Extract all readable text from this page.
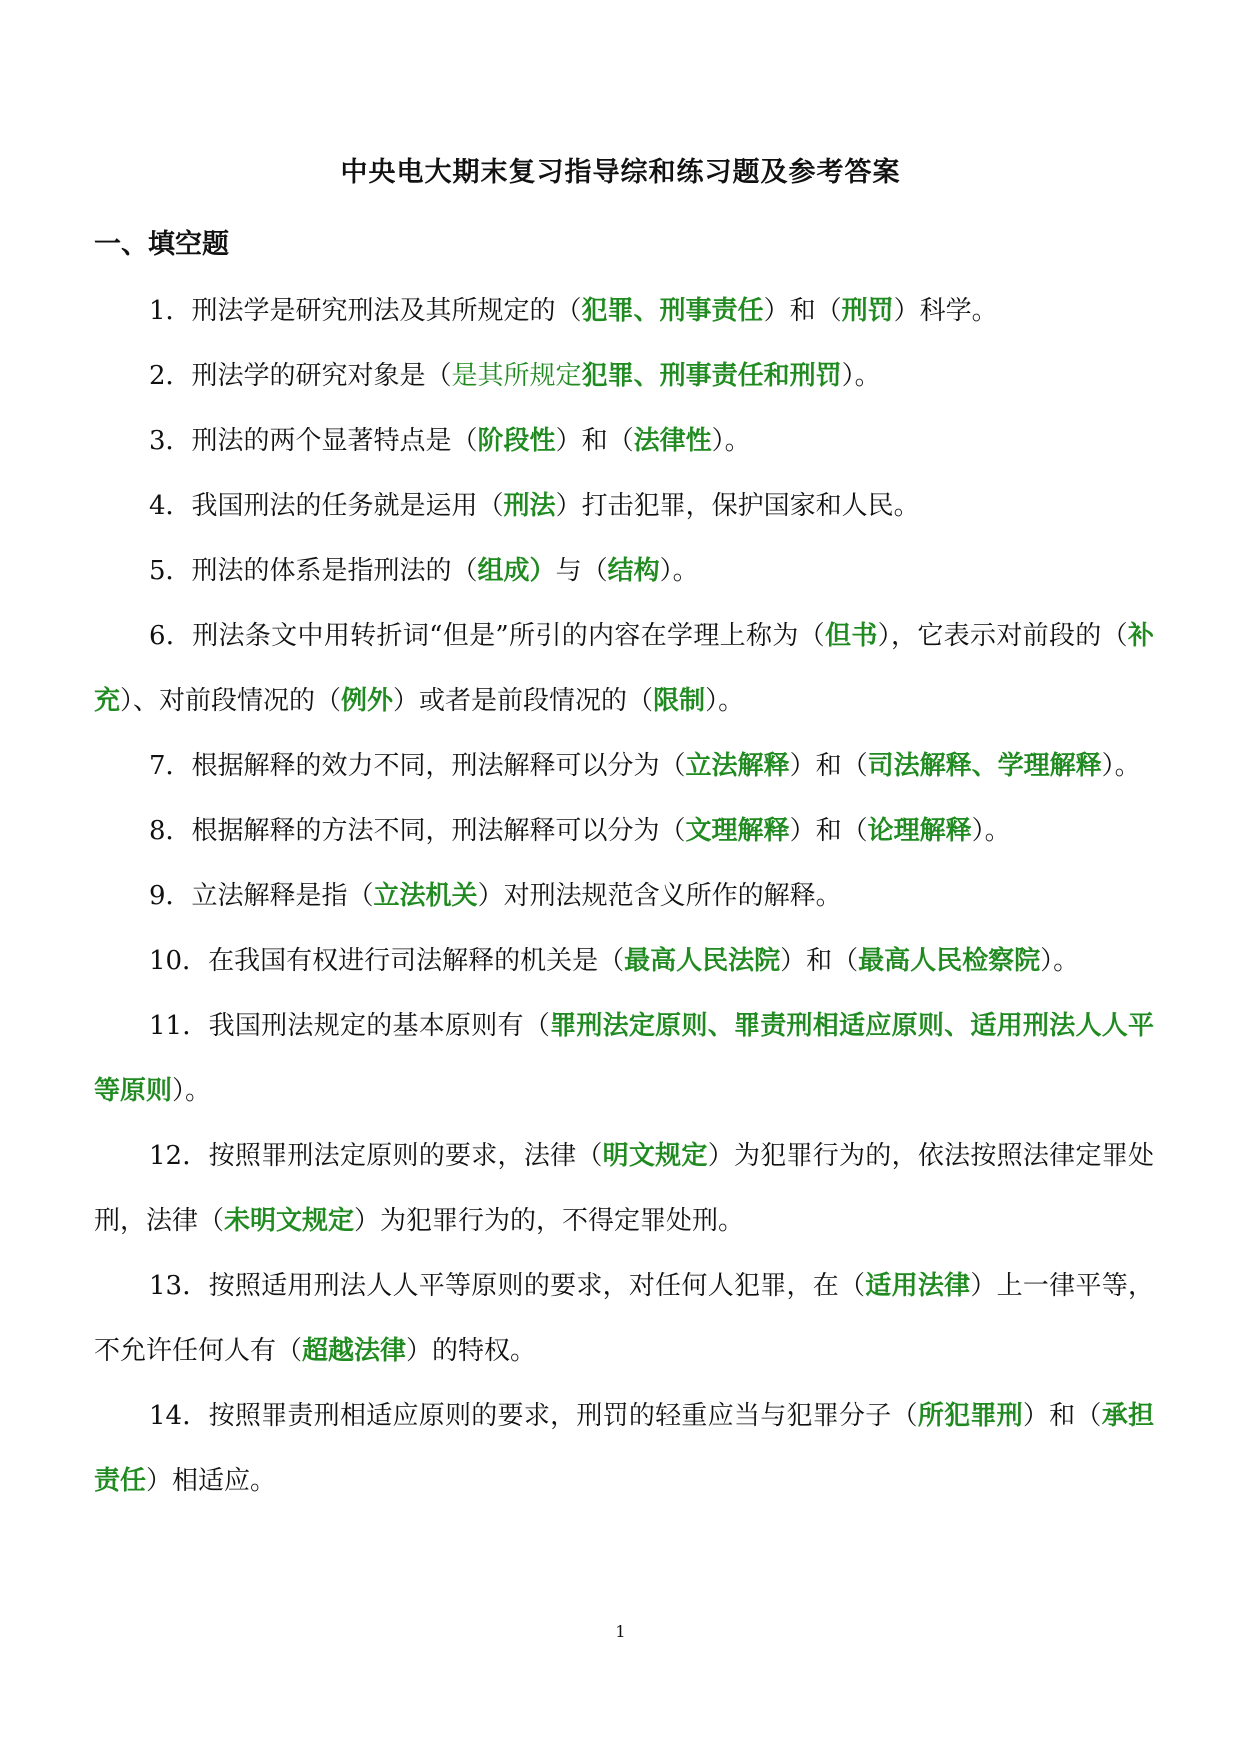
中央电大期末复习指导综和练习题及参考答案
一、填空题

1．刑法学是研究刑法及其所规定的（犯罪、刑事责任）和（刑罚）科学。

2．刑法学的研究对象是（是其所规定犯罪、刑事责任和刑罚）。

3．刑法的两个显著特点是（阶段性）和（法律性）。

4．我国刑法的任务就是运用（刑法）打击犯罪，保护国家和人民。

5．刑法的体系是指刑法的（组成）与（结构）。

6．刑法条文中用转折词“但是”所引的内容在学理上称为（但书），它表示对前段的（补充）、对前段情况的（例外）或者是前段情况的（限制）。

7．根据解释的效力不同，刑法解释可以分为（立法解释）和（司法解释、学理解释）。

8．根据解释的方法不同，刑法解释可以分为（文理解释）和（论理解释）。

9．立法解释是指（立法机关）对刑法规范含义所作的解释。

10．在我国有权进行司法解释的机关是（最高人民法院）和（最高人民检察院）。

11．我国刑法规定的基本原则有（罪刑法定原则、罪责刑相适应原则、适用刑法人人平等原则）。

12．按照罪刑法定原则的要求，法律（明文规定）为犯罪行为的，依法按照法律定罪处刑，法律（未明文规定）为犯罪行为的，不得定罪处刑。

13．按照适用刑法人人平等原则的要求，对任何人犯罪，在（适用法律）上一律平等，不允许任何人有（超越法律）的特权。

14．按照罪责刑相适应原则的要求，刑罚的轻重应当与犯罪分子（所犯罪刑）和（承担责任）相适应。

1
